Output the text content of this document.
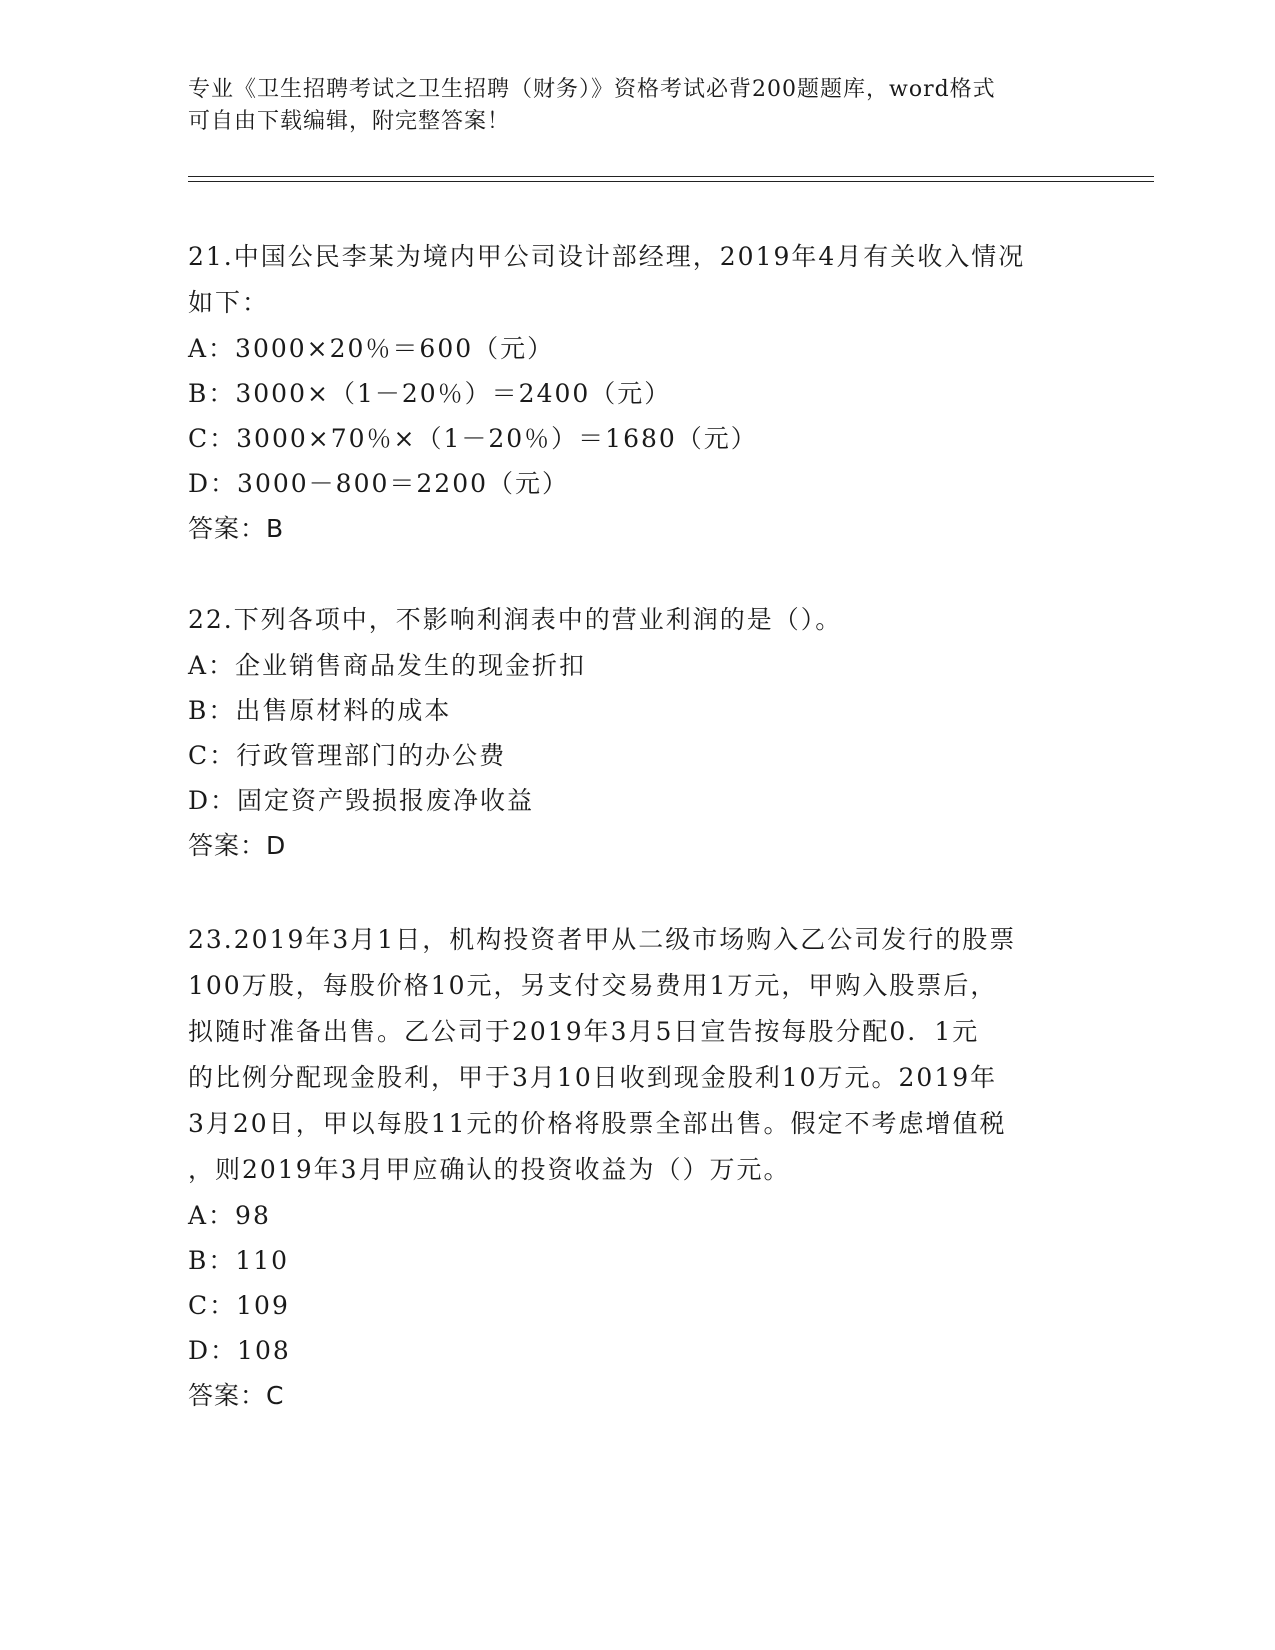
专业《卫生招聘考试之卫生招聘（财务）》资格考试必背200题题库，word格式
可自由下载编辑，附完整答案！
21.中国公民李某为境内甲公司设计部经理，2019年4月有关收入情况
如下：
A：3000×20％＝600（元）
B：3000×（1－20％）＝2400（元）
C：3000×70％×（1－20％）＝1680（元）
D：3000－800＝2200（元）
答案：B
22.下列各项中，不影响利润表中的营业利润的是（）。
A：企业销售商品发生的现金折扣
B：出售原材料的成本
C：行政管理部门的办公费
D：固定资产毁损报废净收益
答案：D
23.2019年3月1日，机构投资者甲从二级市场购入乙公司发行的股票
100万股，每股价格10元，另支付交易费用1万元，甲购入股票后，
拟随时准备出售。乙公司于2019年3月5日宣告按每股分配0．1元
的比例分配现金股利，甲于3月10日收到现金股利10万元。2019年
3月20日，甲以每股11元的价格将股票全部出售。假定不考虑增值税
，则2019年3月甲应确认的投资收益为（）万元。
A：98
B：110
C：109
D：108
答案：C
